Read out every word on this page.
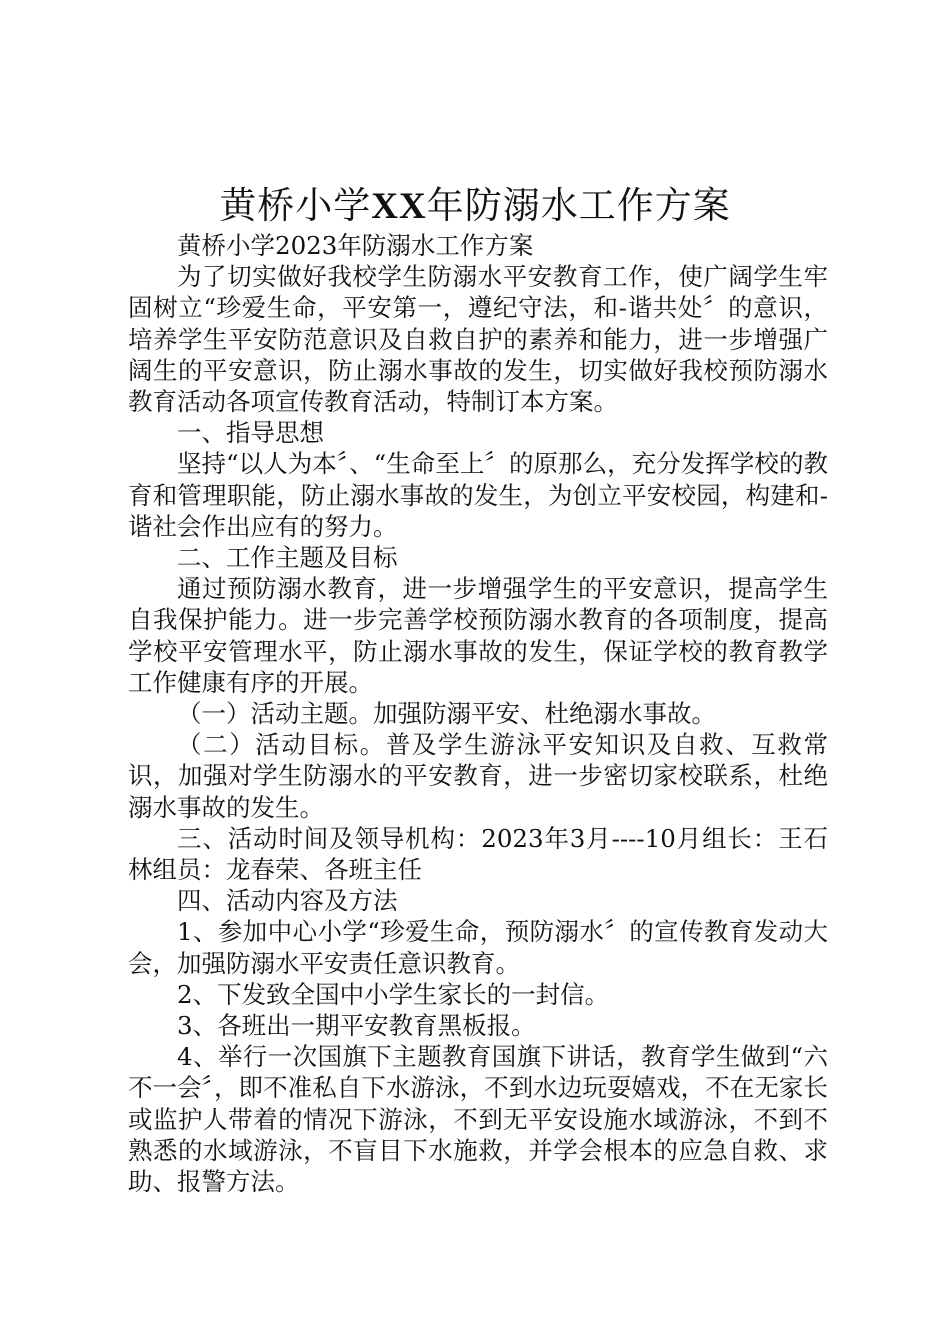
黄桥小学XX年防溺水工作方案

黄桥小学2023年防溺水工作方案

为了切实做好我校学生防溺水平安教育工作，使广阔学生牢固树立“珍爱生命，平安第一，遵纪守法，和-谐共处〞的意识，培养学生平安防范意识及自救自护的素养和能力，进一步增强广阔生的平安意识，防止溺水事故的发生，切实做好我校预防溺水教育活动各项宣传教育活动，特制订本方案。

一、指导思想

坚持“以人为本〞、“生命至上〞的原那么，充分发挥学校的教育和管理职能，防止溺水事故的发生，为创立平安校园，构建和-谐社会作出应有的努力。

二、工作主题及目标

通过预防溺水教育，进一步增强学生的平安意识，提高学生自我保护能力。进一步完善学校预防溺水教育的各项制度，提高学校平安管理水平，防止溺水事故的发生，保证学校的教育教学工作健康有序的开展。

（一）活动主题。加强防溺平安、杜绝溺水事故。

（二）活动目标。普及学生游泳平安知识及自救、互救常识，加强对学生防溺水的平安教育，进一步密切家校联系，杜绝溺水事故的发生。

三、活动时间及领导机构：2023年3月----10月组长：王石林组员：龙春荣、各班主任

四、活动内容及方法

1、参加中心小学“珍爱生命，预防溺水〞的宣传教育发动大会，加强防溺水平安责任意识教育。

2、下发致全国中小学生家长的一封信。

3、各班出一期平安教育黑板报。

4、举行一次国旗下主题教育国旗下讲话，教育学生做到“六不一会〞，即不准私自下水游泳，不到水边玩耍嬉戏，不在无家长或监护人带着的情况下游泳，不到无平安设施水域游泳，不到不熟悉的水域游泳，不盲目下水施救，并学会根本的应急自救、求助、报警方法。
